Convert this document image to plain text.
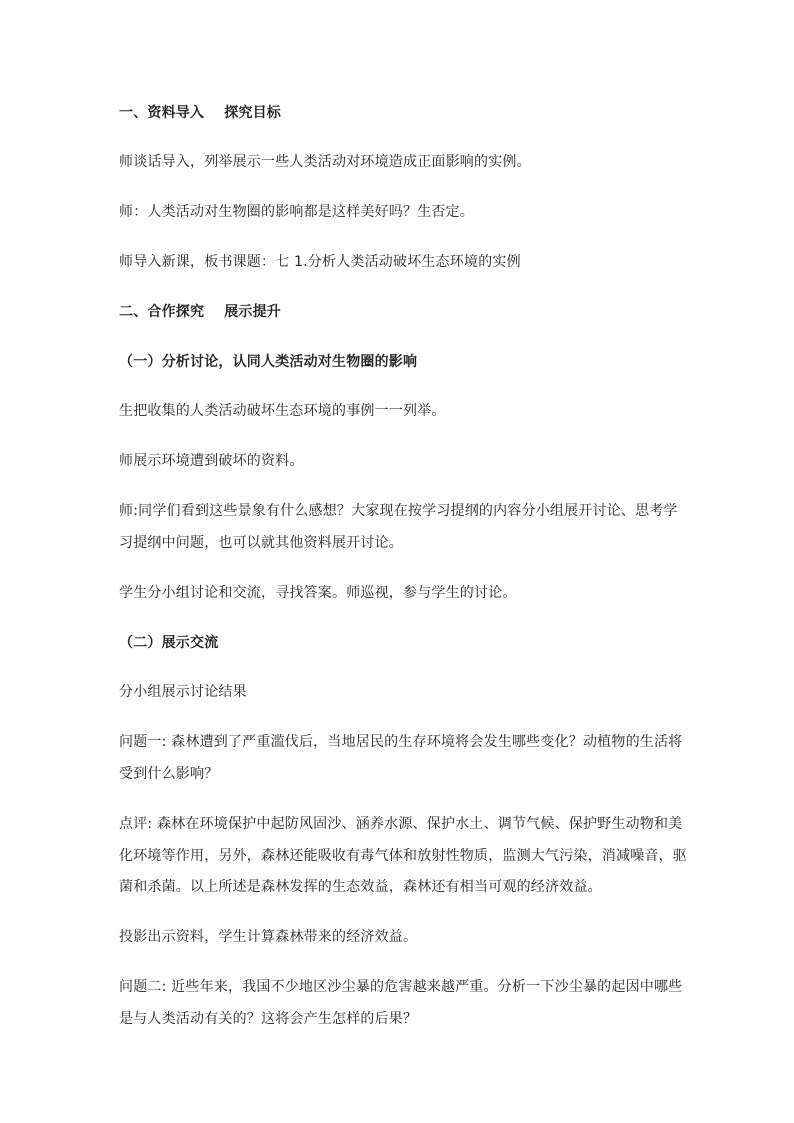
一、资料导入 探究目标
师谈话导入，列举展示一些人类活动对环境造成正面影响的实例。
师：人类活动对生物圈的影响都是这样美好吗？生否定。
师导入新课，板书课题：七 1.分析人类活动破坏生态环境的实例
二、合作探究 展示提升
（一）分析讨论，认同人类活动对生物圈的影响
生把收集的人类活动破坏生态环境的事例一一列举。
师展示环境遭到破坏的资料。
师:同学们看到这些景象有什么感想？大家现在按学习提纲的内容分小组展开讨论、思考学
习提纲中问题，也可以就其他资料展开讨论。
学生分小组讨论和交流，寻找答案。师巡视，参与学生的讨论。
（二）展示交流
分小组展示讨论结果
问题一: 森林遭到了严重滥伐后，当地居民的生存环境将会发生哪些变化？动植物的生活将
受到什么影响？
点评: 森林在环境保护中起防风固沙、涵养水源、保护水土、调节气候、保护野生动物和美
化环境等作用，另外，森林还能吸收有毒气体和放射性物质，监测大气污染，消减噪音，驱
菌和杀菌。以上所述是森林发挥的生态效益，森林还有相当可观的经济效益。
投影出示资料，学生计算森林带来的经济效益。
问题二: 近些年来，我国不少地区沙尘暴的危害越来越严重。分析一下沙尘暴的起因中哪些
是与人类活动有关的？这将会产生怎样的后果？
